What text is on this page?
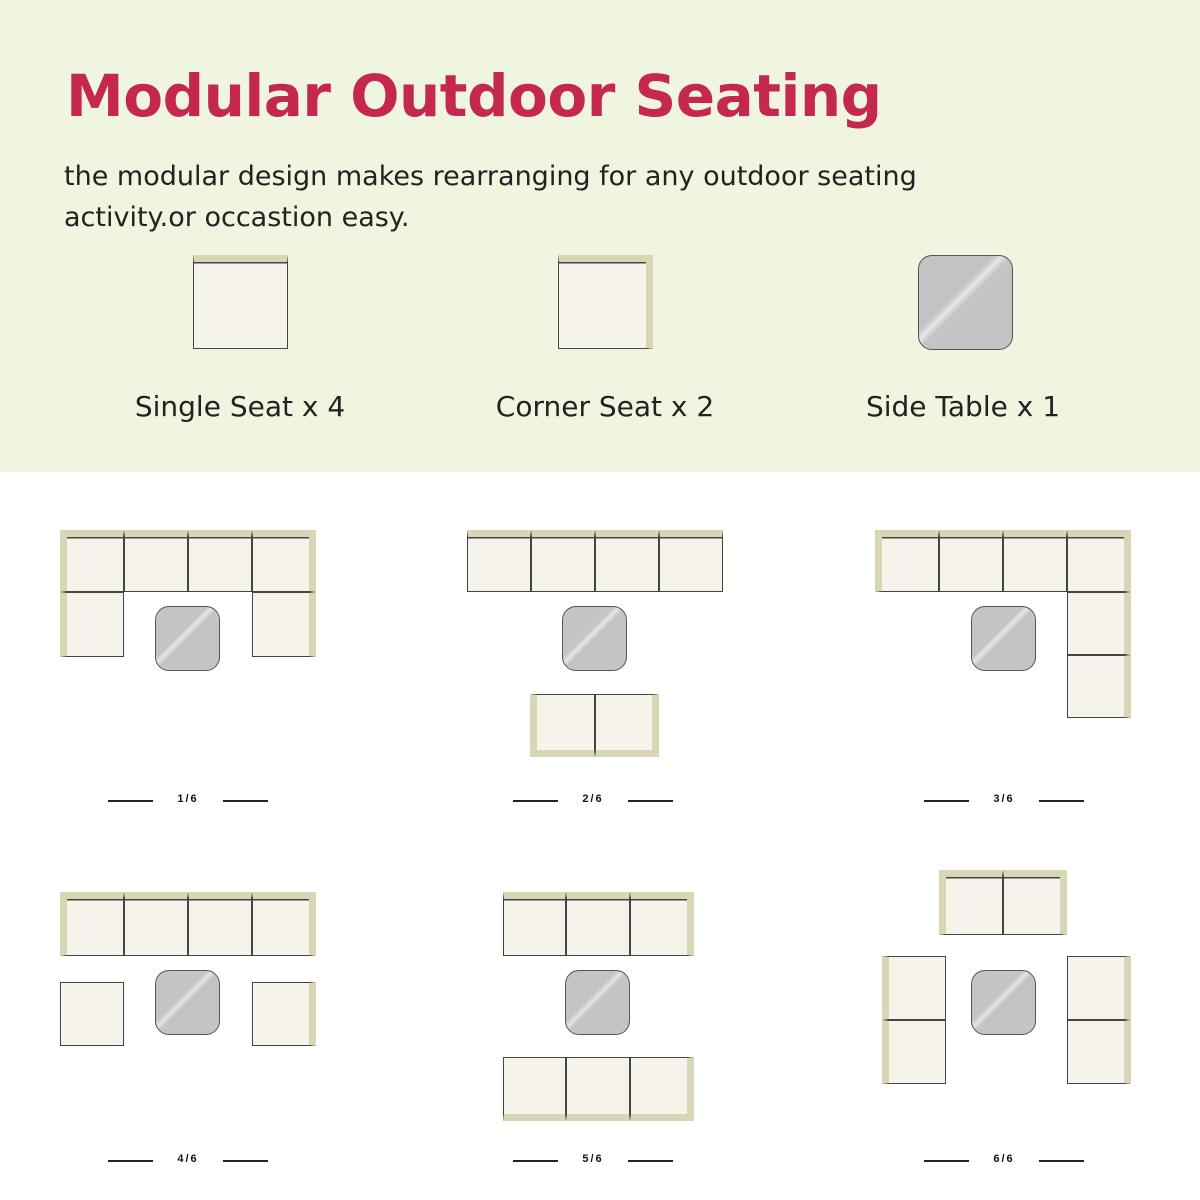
Modular Outdoor Seating
the modular design makes rearranging for any outdoor seating activity.or occastion easy.
Single Seat x 4	Corner Seat x 2	Side Table x 1
1/6	2/6	3/6
4/6	5/6	6/6
